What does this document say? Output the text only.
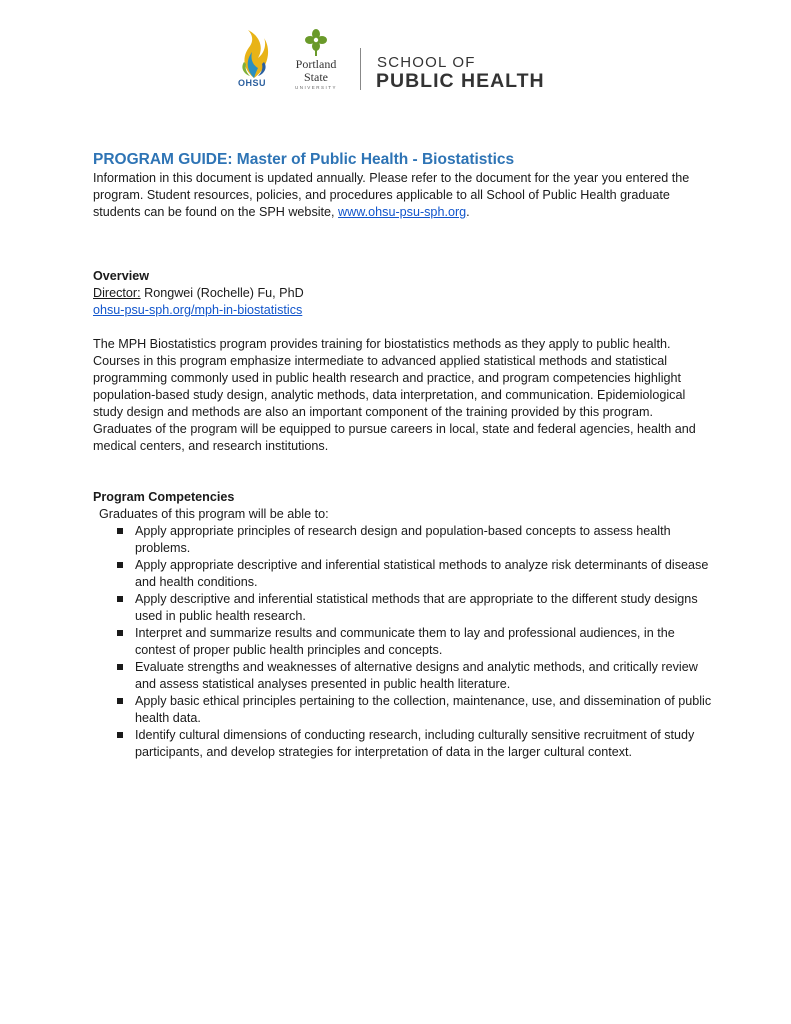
OHSU
Portland
State
UNIVERSITY
SCHOOL OF
PUBLIC HEALTH
PROGRAM GUIDE: Master of Public Health - Biostatistics

Information in this document is updated annually. Please refer to the document for the year you entered the program. Student resources, policies, and procedures applicable to all School of Public Health graduate students can be found on the SPH website, www.ohsu-psu-sph.org.

Overview

Director: Rongwei (Rochelle) Fu, PhD

ohsu-psu-sph.org/mph-in-biostatistics

The MPH Biostatistics program provides training for biostatistics methods as they apply to public health. Courses in this program emphasize intermediate to advanced applied statistical methods and statistical programming commonly used in public health research and practice, and program competencies highlight population-based study design, analytic methods, data interpretation, and communication. Epidemiological study design and methods are also an important component of the training provided by this program. Graduates of the program will be equipped to pursue careers in local, state and federal agencies, health and medical centers, and research institutions.

Program Competencies

Graduates of this program will be able to:

Apply appropriate principles of research design and population-based concepts to assess health problems.
Apply appropriate descriptive and inferential statistical methods to analyze risk determinants of disease and health conditions.
Apply descriptive and inferential statistical methods that are appropriate to the different study designs used in public health research.
Interpret and summarize results and communicate them to lay and professional audiences, in the contest of proper public health principles and concepts.
Evaluate strengths and weaknesses of alternative designs and analytic methods, and critically review and assess statistical analyses presented in public health literature.
Apply basic ethical principles pertaining to the collection, maintenance, use, and dissemination of public health data.
Identify cultural dimensions of conducting research, including culturally sensitive recruitment of study participants, and develop strategies for interpretation of data in the larger cultural context.
